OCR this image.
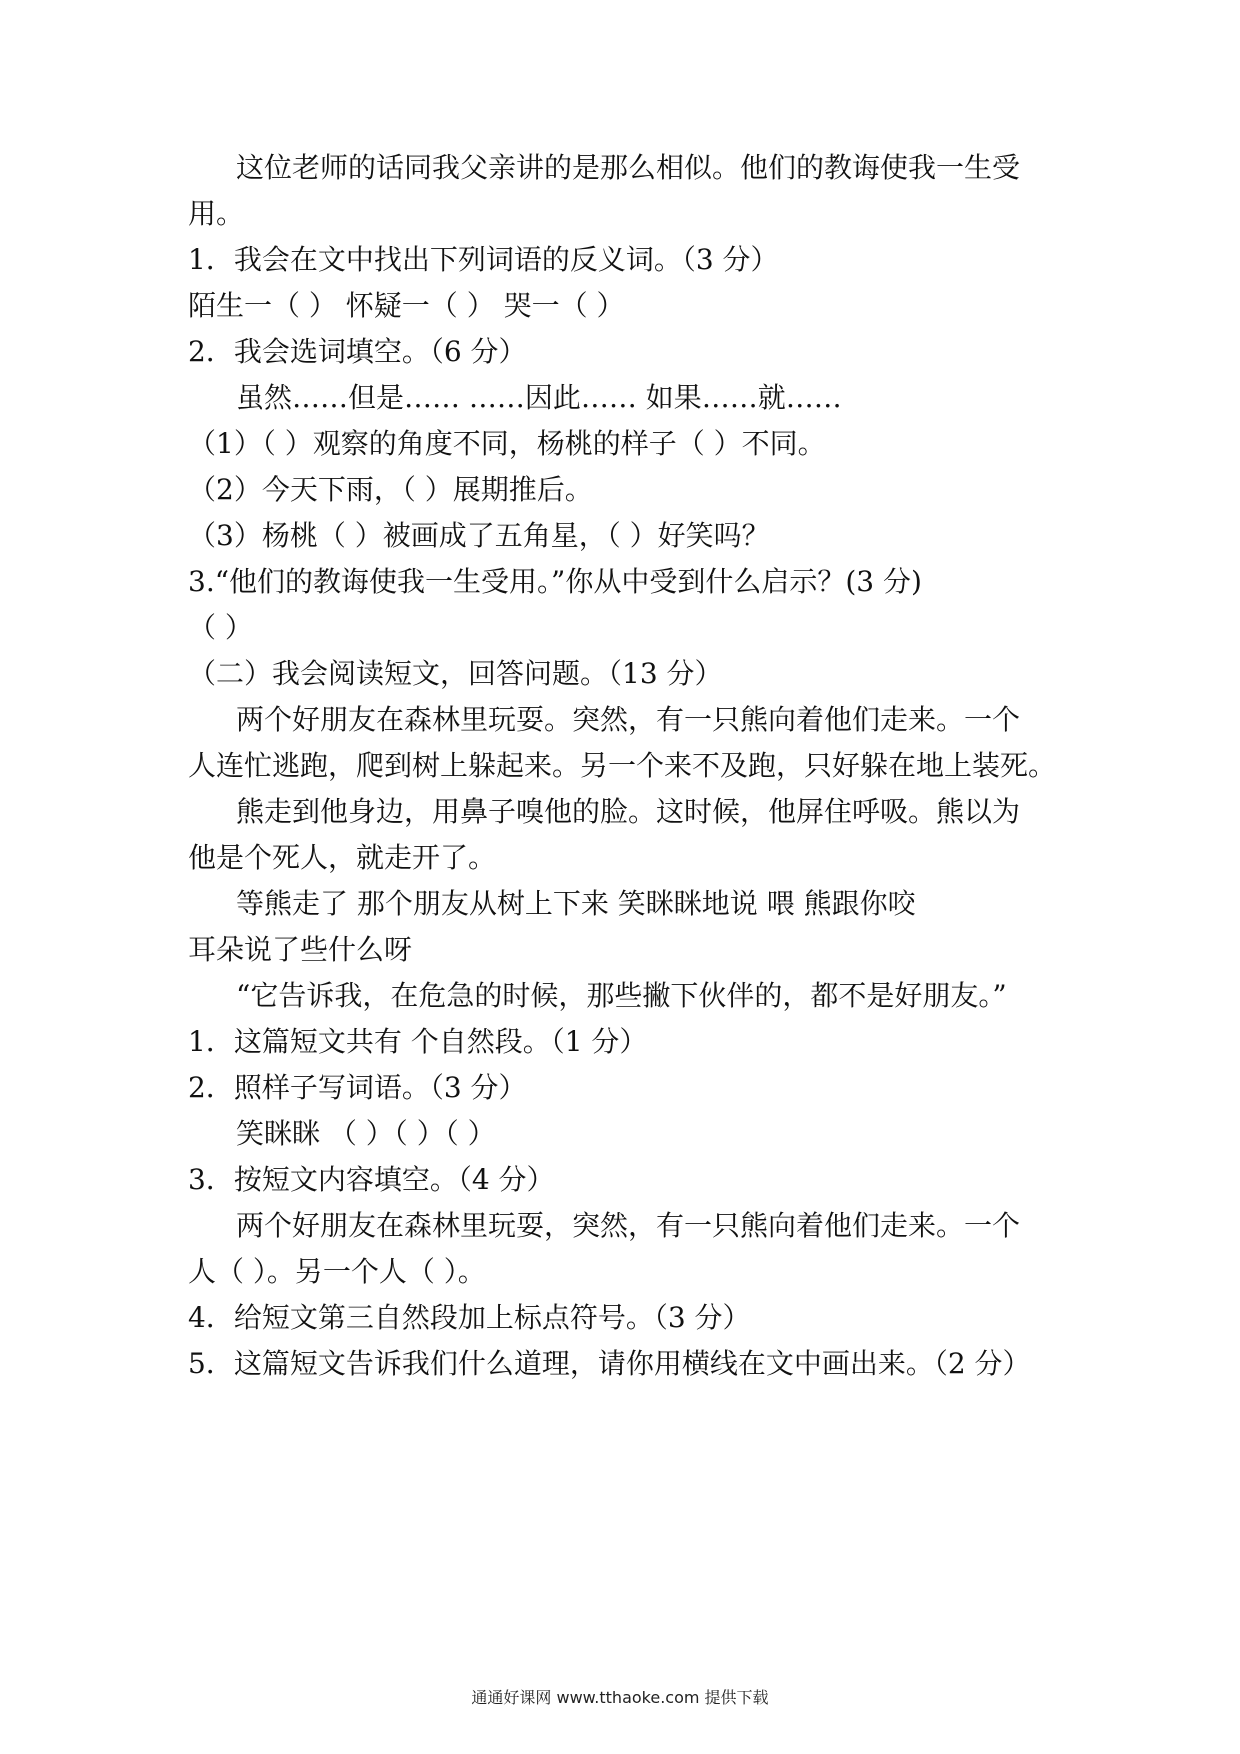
这位老师的话同我父亲讲的是那么相似。他们的教诲使我一生受
用。
1．我会在文中找出下列词语的反义词。（3 分）
陌生一（ ） 怀疑一（ ） 哭一（ ）
2．我会选词填空。（6 分）
虽然……但是…… ……因此…… 如果……就……
（1）（ ）观察的角度不同，杨桃的样子（ ）不同。
（2）今天下雨，（ ）展期推后。
（3）杨桃（ ）被画成了五角星，（ ）好笑吗？
3.“他们的教诲使我一生受用。”你从中受到什么启示？(3 分)
（ ）
（二）我会阅读短文，回答问题。（13 分）
两个好朋友在森林里玩耍。突然，有一只熊向着他们走来。一个
人连忙逃跑，爬到树上躲起来。另一个来不及跑，只好躲在地上装死。
熊走到他身边，用鼻子嗅他的脸。这时候，他屏住呼吸。熊以为
他是个死人，就走开了。
等熊走了 那个朋友从树上下来 笑眯眯地说 喂 熊跟你咬
耳朵说了些什么呀
“它告诉我，在危急的时候，那些撇下伙伴的，都不是好朋友。”
1．这篇短文共有 个自然段。（1 分）
2．照样子写词语。（3 分）
笑眯眯 （ ）（ ）（ ）
3．按短文内容填空。（4 分）
两个好朋友在森林里玩耍，突然，有一只熊向着他们走来。一个
人（ ）。另一个人（ ）。
4．给短文第三自然段加上标点符号。（3 分）
5．这篇短文告诉我们什么道理，请你用横线在文中画出来。（2 分）
通通好课网 www.tthaoke.com 提供下载
